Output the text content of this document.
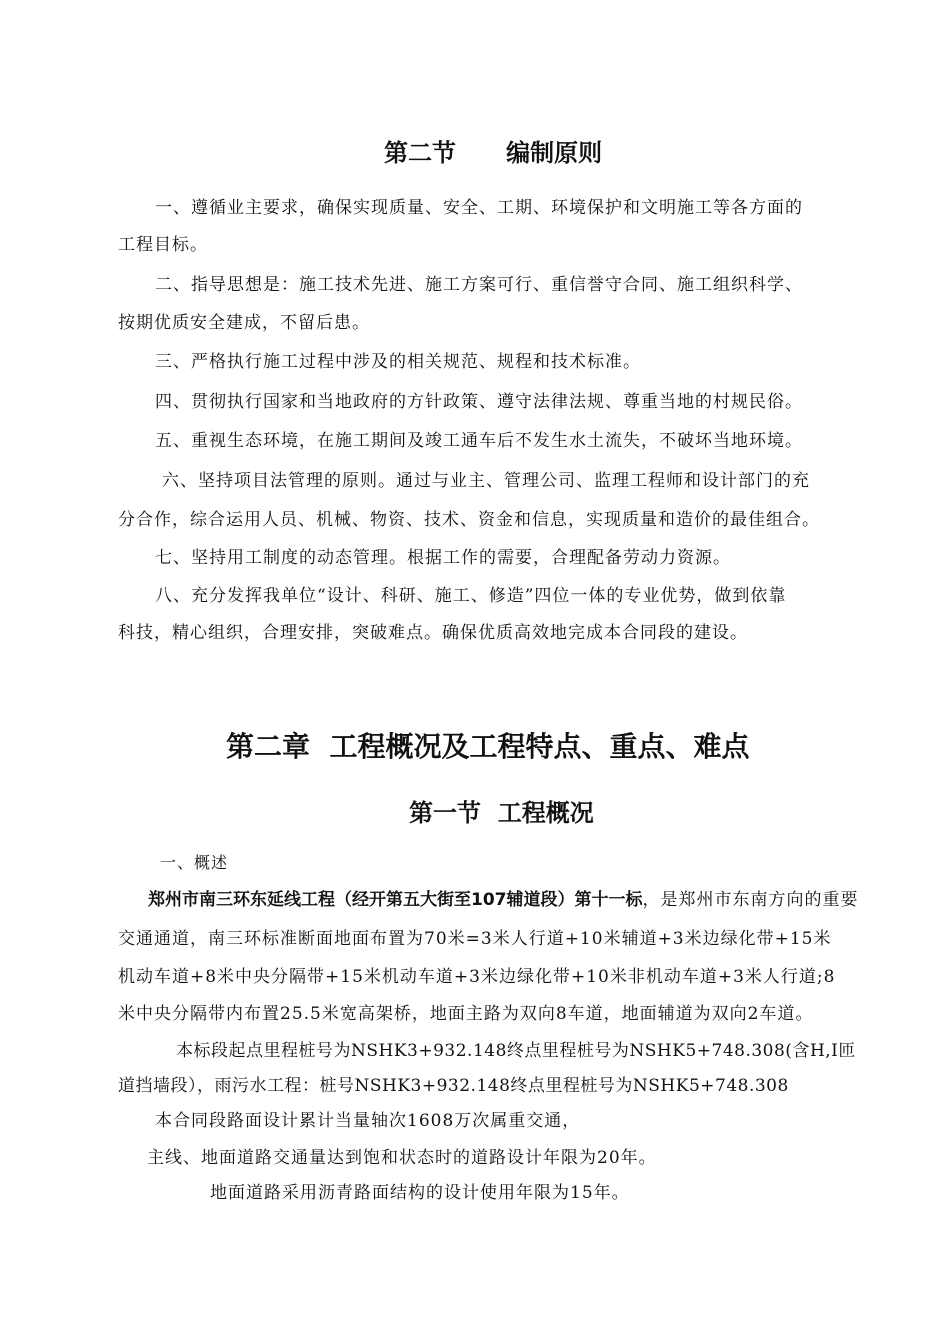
第二节      编制原则
一、遵循业主要求，确保实现质量、安全、工期、环境保护和文明施工等各方面的
工程目标。
二、指导思想是：施工技术先进、施工方案可行、重信誉守合同、施工组织科学、
按期优质安全建成，不留后患。
三、严格执行施工过程中涉及的相关规范、规程和技术标准。
四、贯彻执行国家和当地政府的方针政策、遵守法律法规、尊重当地的村规民俗。
五、重视生态环境，在施工期间及竣工通车后不发生水土流失，不破坏当地环境。
六、坚持项目法管理的原则。通过与业主、管理公司、监理工程师和设计部门的充
分合作，综合运用人员、机械、物资、技术、资金和信息，实现质量和造价的最佳组合。
七、坚持用工制度的动态管理。根据工作的需要，合理配备劳动力资源。
八、充分发挥我单位“设计、科研、施工、修造”四位一体的专业优势，做到依靠
科技，精心组织，合理安排，突破难点。确保优质高效地完成本合同段的建设。
第二章  工程概况及工程特点、重点、难点
第一节  工程概况
一、概述
郑州市南三环东延线工程（经开第五大街至107辅道段）第十一标，是郑州市东南方向的重要
交通通道，南三环标准断面地面布置为70米=3米人行道+10米辅道+3米边绿化带+15米
机动车道+8米中央分隔带+15米机动车道+3米边绿化带+10米非机动车道+3米人行道;8
米中央分隔带内布置25.5米宽高架桥，地面主路为双向8车道，地面辅道为双向2车道。
本标段起点里程桩号为NSHK3+932.148终点里程桩号为NSHK5+748.308(含H,I匝
道挡墙段），雨污水工程：桩号NSHK3+932.148终点里程桩号为NSHK5+748.308
本合同段路面设计累计当量轴次1608万次属重交通，
主线、地面道路交通量达到饱和状态时的道路设计年限为20年。
地面道路采用沥青路面结构的设计使用年限为15年。
